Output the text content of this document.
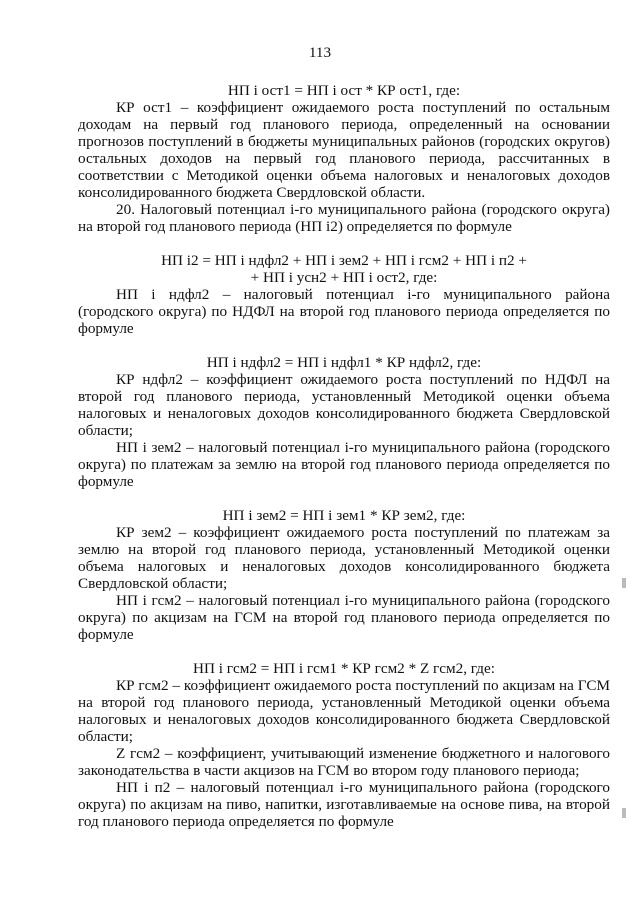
113

НП i ост1 = НП i ост * КР ост1, где:

КР ост1 – коэффициент ожидаемого роста поступлений по остальным доходам на первый год планового периода, определенный на основании прогнозов поступлений в бюджеты муниципальных районов (городских округов) остальных доходов на первый год планового периода, рассчитанных в соответствии с Методикой оценки объема налоговых и неналоговых доходов консолидированного бюджета Свердловской области.

20. Налоговый потенциал i-го муниципального района (городского округа) на второй год планового периода (НП i2) определяется по формуле

НП i2 = НП i ндфл2 + НП i зем2 + НП i гсм2 + НП i п2 +

+ НП i усн2 + НП i ост2, где:

НП i ндфл2 – налоговый потенциал i-го муниципального района (городского округа) по НДФЛ на второй год планового периода определяется по формуле

НП i ндфл2 = НП i ндфл1 * КР ндфл2, где:

КР ндфл2 – коэффициент ожидаемого роста поступлений по НДФЛ на второй год планового периода, установленный Методикой оценки объема налоговых и неналоговых доходов консолидированного бюджета Свердловской области;

НП i зем2 – налоговый потенциал i-го муниципального района (городского округа) по платежам за землю на второй год планового периода определяется по формуле

НП i зем2 = НП i зем1 * КР зем2, где:

КР зем2 – коэффициент ожидаемого роста поступлений по платежам за землю на второй год планового периода, установленный Методикой оценки объема налоговых и неналоговых доходов консолидированного бюджета Свердловской области;

НП i гсм2 – налоговый потенциал i-го муниципального района (городского округа) по акцизам на ГСМ на второй год планового периода определяется по формуле

НП i гсм2 = НП i гсм1 * КР гсм2 * Z гсм2, где:

КР гсм2 – коэффициент ожидаемого роста поступлений по акцизам на ГСМ на второй год планового периода, установленный Методикой оценки объема налоговых и неналоговых доходов консолидированного бюджета Свердловской области;

Z гсм2 – коэффициент, учитывающий изменение бюджетного и налогового законодательства в части акцизов на ГСМ во втором году планового периода;

НП i п2 – налоговый потенциал i-го муниципального района (городского округа) по акцизам на пиво, напитки, изготавливаемые на основе пива, на второй год планового периода определяется по формуле
